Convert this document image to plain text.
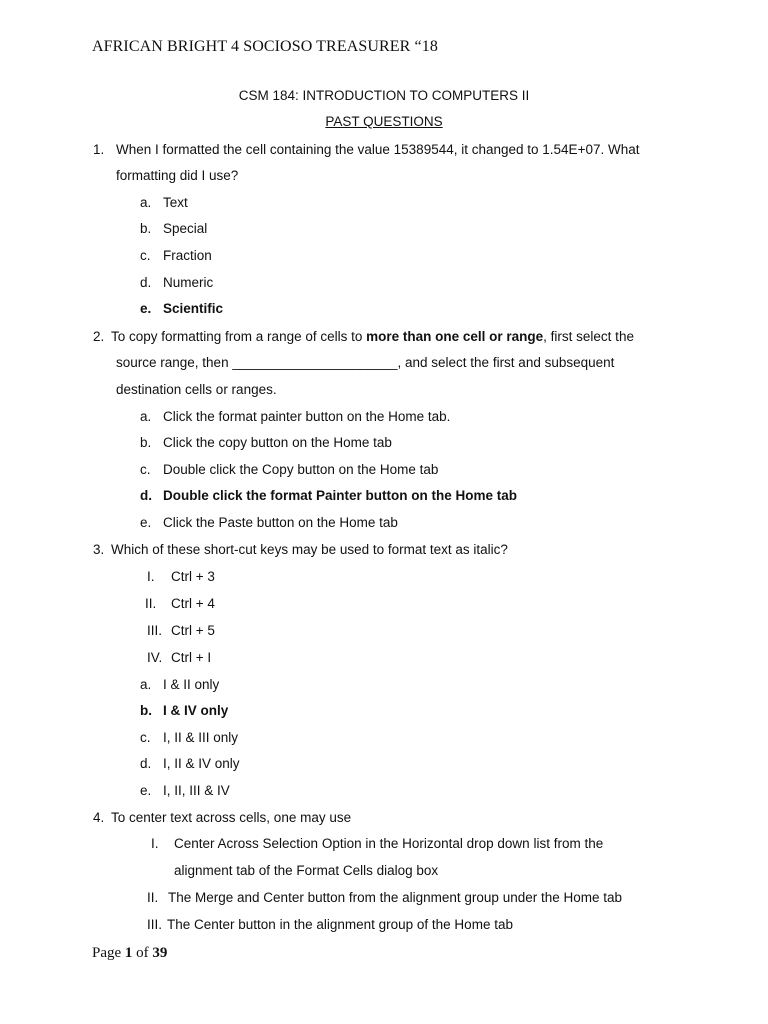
AFRICAN BRIGHT 4 SOCIOSO TREASURER “18
CSM 184: INTRODUCTION TO COMPUTERS II
PAST QUESTIONS
1. When I formatted the cell containing the value 15389544, it changed to 1.54E+07. What
formatting did I use?
a. Text
b. Special
c. Fraction
d. Numeric
e. Scientific
2. To copy formatting from a range of cells to more than one cell or range, first select the
source range, then ______________________, and select the first and subsequent
destination cells or ranges.
a. Click the format painter button on the Home tab.
b. Click the copy button on the Home tab
c. Double click the Copy button on the Home tab
d. Double click the format Painter button on the Home tab
e. Click the Paste button on the Home tab
3. Which of these short-cut keys may be used to format text as italic?
I. Ctrl + 3
II. Ctrl + 4
III. Ctrl + 5
IV. Ctrl + I
a. I & II only
b. I & IV only
c. I, II & III only
d. I, II & IV only
e. I, II, III & IV
4. To center text across cells, one may use
I. Center Across Selection Option in the Horizontal drop down list from the
alignment tab of the Format Cells dialog box
II. The Merge and Center button from the alignment group under the Home tab
III. The Center button in the alignment group of the Home tab
Page 1 of 39
